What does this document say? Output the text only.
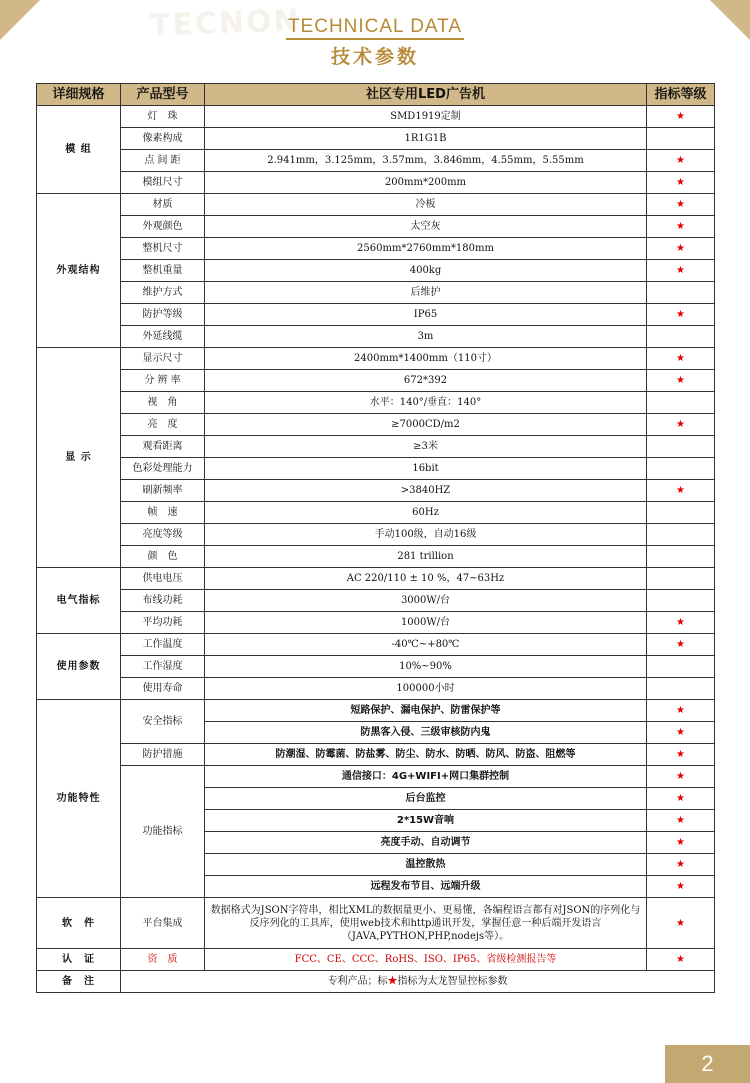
TECNON
TECHNICAL DATA
技术参数
详细规格	产品型号	社区专用LED广告机	指标等级
模 组	灯　珠	SMD1919定制	★
	像素构成	1R1G1B	
	点 间 距	2.941mm，3.125mm，3.57mm，3.846mm，4.55mm，5.55mm	★
	模组尺寸	200mm*200mm	★
外观结构	材质	冷板	★
	外观颜色	太空灰	★
	整机尺寸	2560mm*2760mm*180mm	★
	整机重量	400kg	★
	维护方式	后维护	
	防护等级	IP65	★
	外延线缆	3m	
显 示	显示尺寸	2400mm*1400mm（110寸）	★
	分 辨 率	672*392	★
	视　角	水平：140°/垂直：140°	
	亮　度	≥7000CD/m2	★
	观看距离	≥3米	
	色彩处理能力	16bit	
	刷新频率	>3840HZ	★
	帧　速	60Hz	
	亮度等级	手动100级，自动16级	
	颜　色	281 trillion	
电气指标	供电电压	AC 220/110 ± 10 %，47~63Hz	
	布线功耗	3000W/台	
	平均功耗	1000W/台	★
使用参数	工作温度	-40℃~+80℃	★
	工作湿度	10%~90%	
	使用寿命	100000小时	
功能特性	安全指标	短路保护、漏电保护、防雷保护等	★
		防黑客入侵、三级审核防内鬼	★
	防护措施	防潮湿、防霉菌、防盐雾、防尘、防水、防晒、防风、防盗、阻燃等	★
	功能指标	通信接口：4G+WIFI+网口集群控制	★
		后台监控	★
		2*15W音响	★
		亮度手动、自动调节	★
		温控散热	★
		远程发布节目、远端升级	★
软　件	平台集成	数据格式为JSON字符串，相比XML的数据量更小、更易懂，各编程语言都有对JSON的序列化与反序列化的工具库，使用web技术和http通讯开发，掌握任意一种后端开发语言（JAVA,PYTHON,PHP,nodejs等）。	★
认　证	资　质	FCC、CE、CCC、RoHS、ISO、IP65、省级检测报告等	★
备　注	专利产品；标★指标为太龙智显控标参数		
2
